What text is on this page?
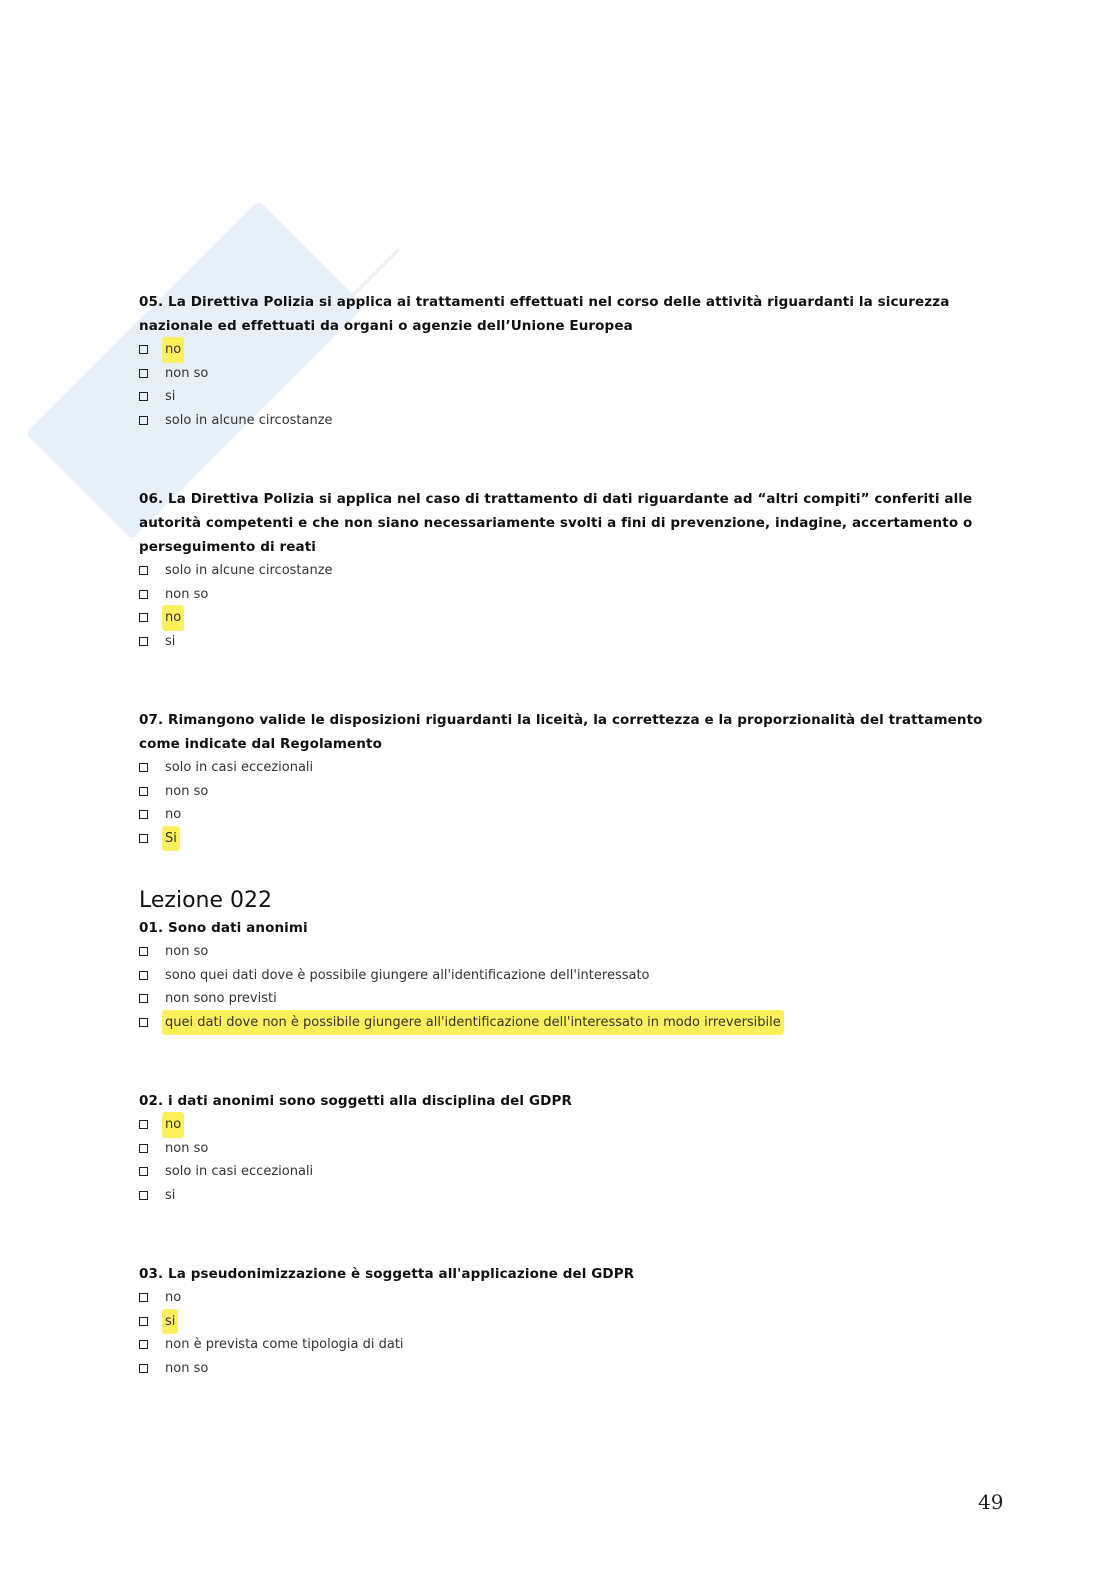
05. La Direttiva Polizia si applica ai trattamenti effettuati nel corso delle attività riguardanti la sicurezza nazionale ed effettuati da organi o agenzie dell’Unione Europea

no
non so
si
solo in alcune circostanze

06. La Direttiva Polizia si applica nel caso di trattamento di dati riguardante ad “altri compiti” conferiti alle autorità competenti e che non siano necessariamente svolti a fini di prevenzione, indagine, accertamento o perseguimento di reati

solo in alcune circostanze
non so
no
si

07. Rimangono valide le disposizioni riguardanti la liceità, la correttezza e la proporzionalità del trattamento come indicate dal Regolamento

solo in casi eccezionali
non so
no
Si
Lezione 022

01. Sono dati anonimi

non so
sono quei dati dove è possibile giungere all'identificazione dell'interessato
non sono previsti
quei dati dove non è possibile giungere all'identificazione dell'interessato in modo irreversibile

02. i dati anonimi sono soggetti alla disciplina del GDPR

no
non so
solo in casi eccezionali
si

03. La pseudonimizzazione è soggetta all'applicazione del GDPR

no
si
non è prevista come tipologia di dati
non so
49
